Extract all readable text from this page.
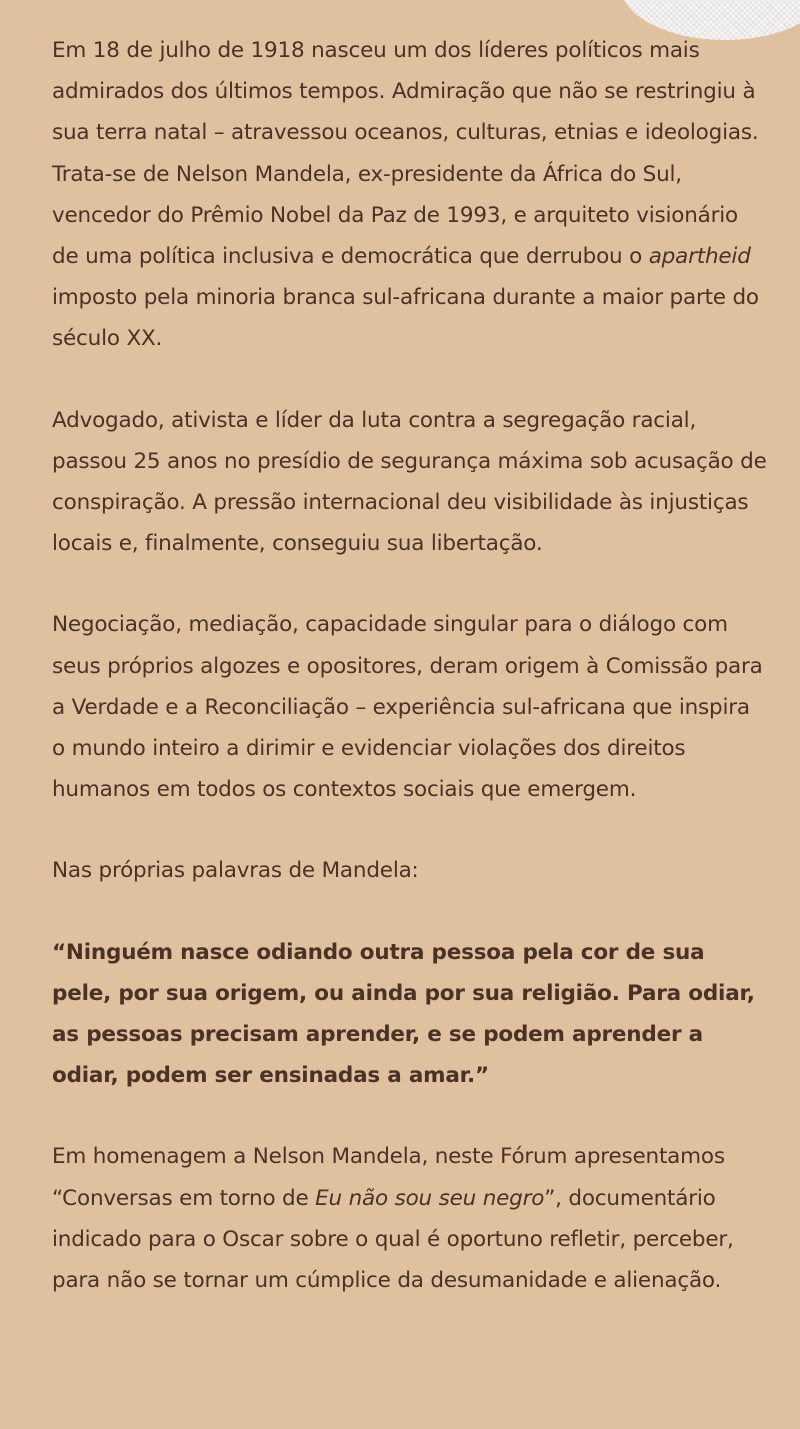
Em 18 de julho de 1918 nasceu um dos líderes políticos mais admirados dos últimos tempos. Admiração que não se restringiu à sua terra natal – atravessou oceanos, culturas, etnias e ideologias. Trata-se de Nelson Mandela, ex-presidente da África do Sul, vencedor do Prêmio Nobel da Paz de 1993, e arquiteto visionário de uma política inclusiva e democrática que derrubou o apartheid imposto pela minoria branca sul-africana durante a maior parte do século XX.

Advogado, ativista e líder da luta contra a segregação racial, passou 25 anos no presídio de segurança máxima sob acusação de conspiração. A pressão internacional deu visibilidade às injustiças locais e, finalmente, conseguiu sua libertação.

Negociação, mediação, capacidade singular para o diálogo com seus próprios algozes e opositores, deram origem à Comissão para a Verdade e a Reconciliação – experiência sul-africana que inspira o mundo inteiro a dirimir e evidenciar violações dos direitos humanos em todos os contextos sociais que emergem.

Nas próprias palavras de Mandela:

“Ninguém nasce odiando outra pessoa pela cor de sua pele, por sua origem, ou ainda por sua religião. Para odiar, as pessoas precisam aprender, e se podem aprender a odiar, podem ser ensinadas a amar.”

Em homenagem a Nelson Mandela, neste Fórum apresentamos “Conversas em torno de Eu não sou seu negro”, documentário indicado para o Oscar sobre o qual é oportuno refletir, perceber, para não se tornar um cúmplice da desumanidade e alienação.
